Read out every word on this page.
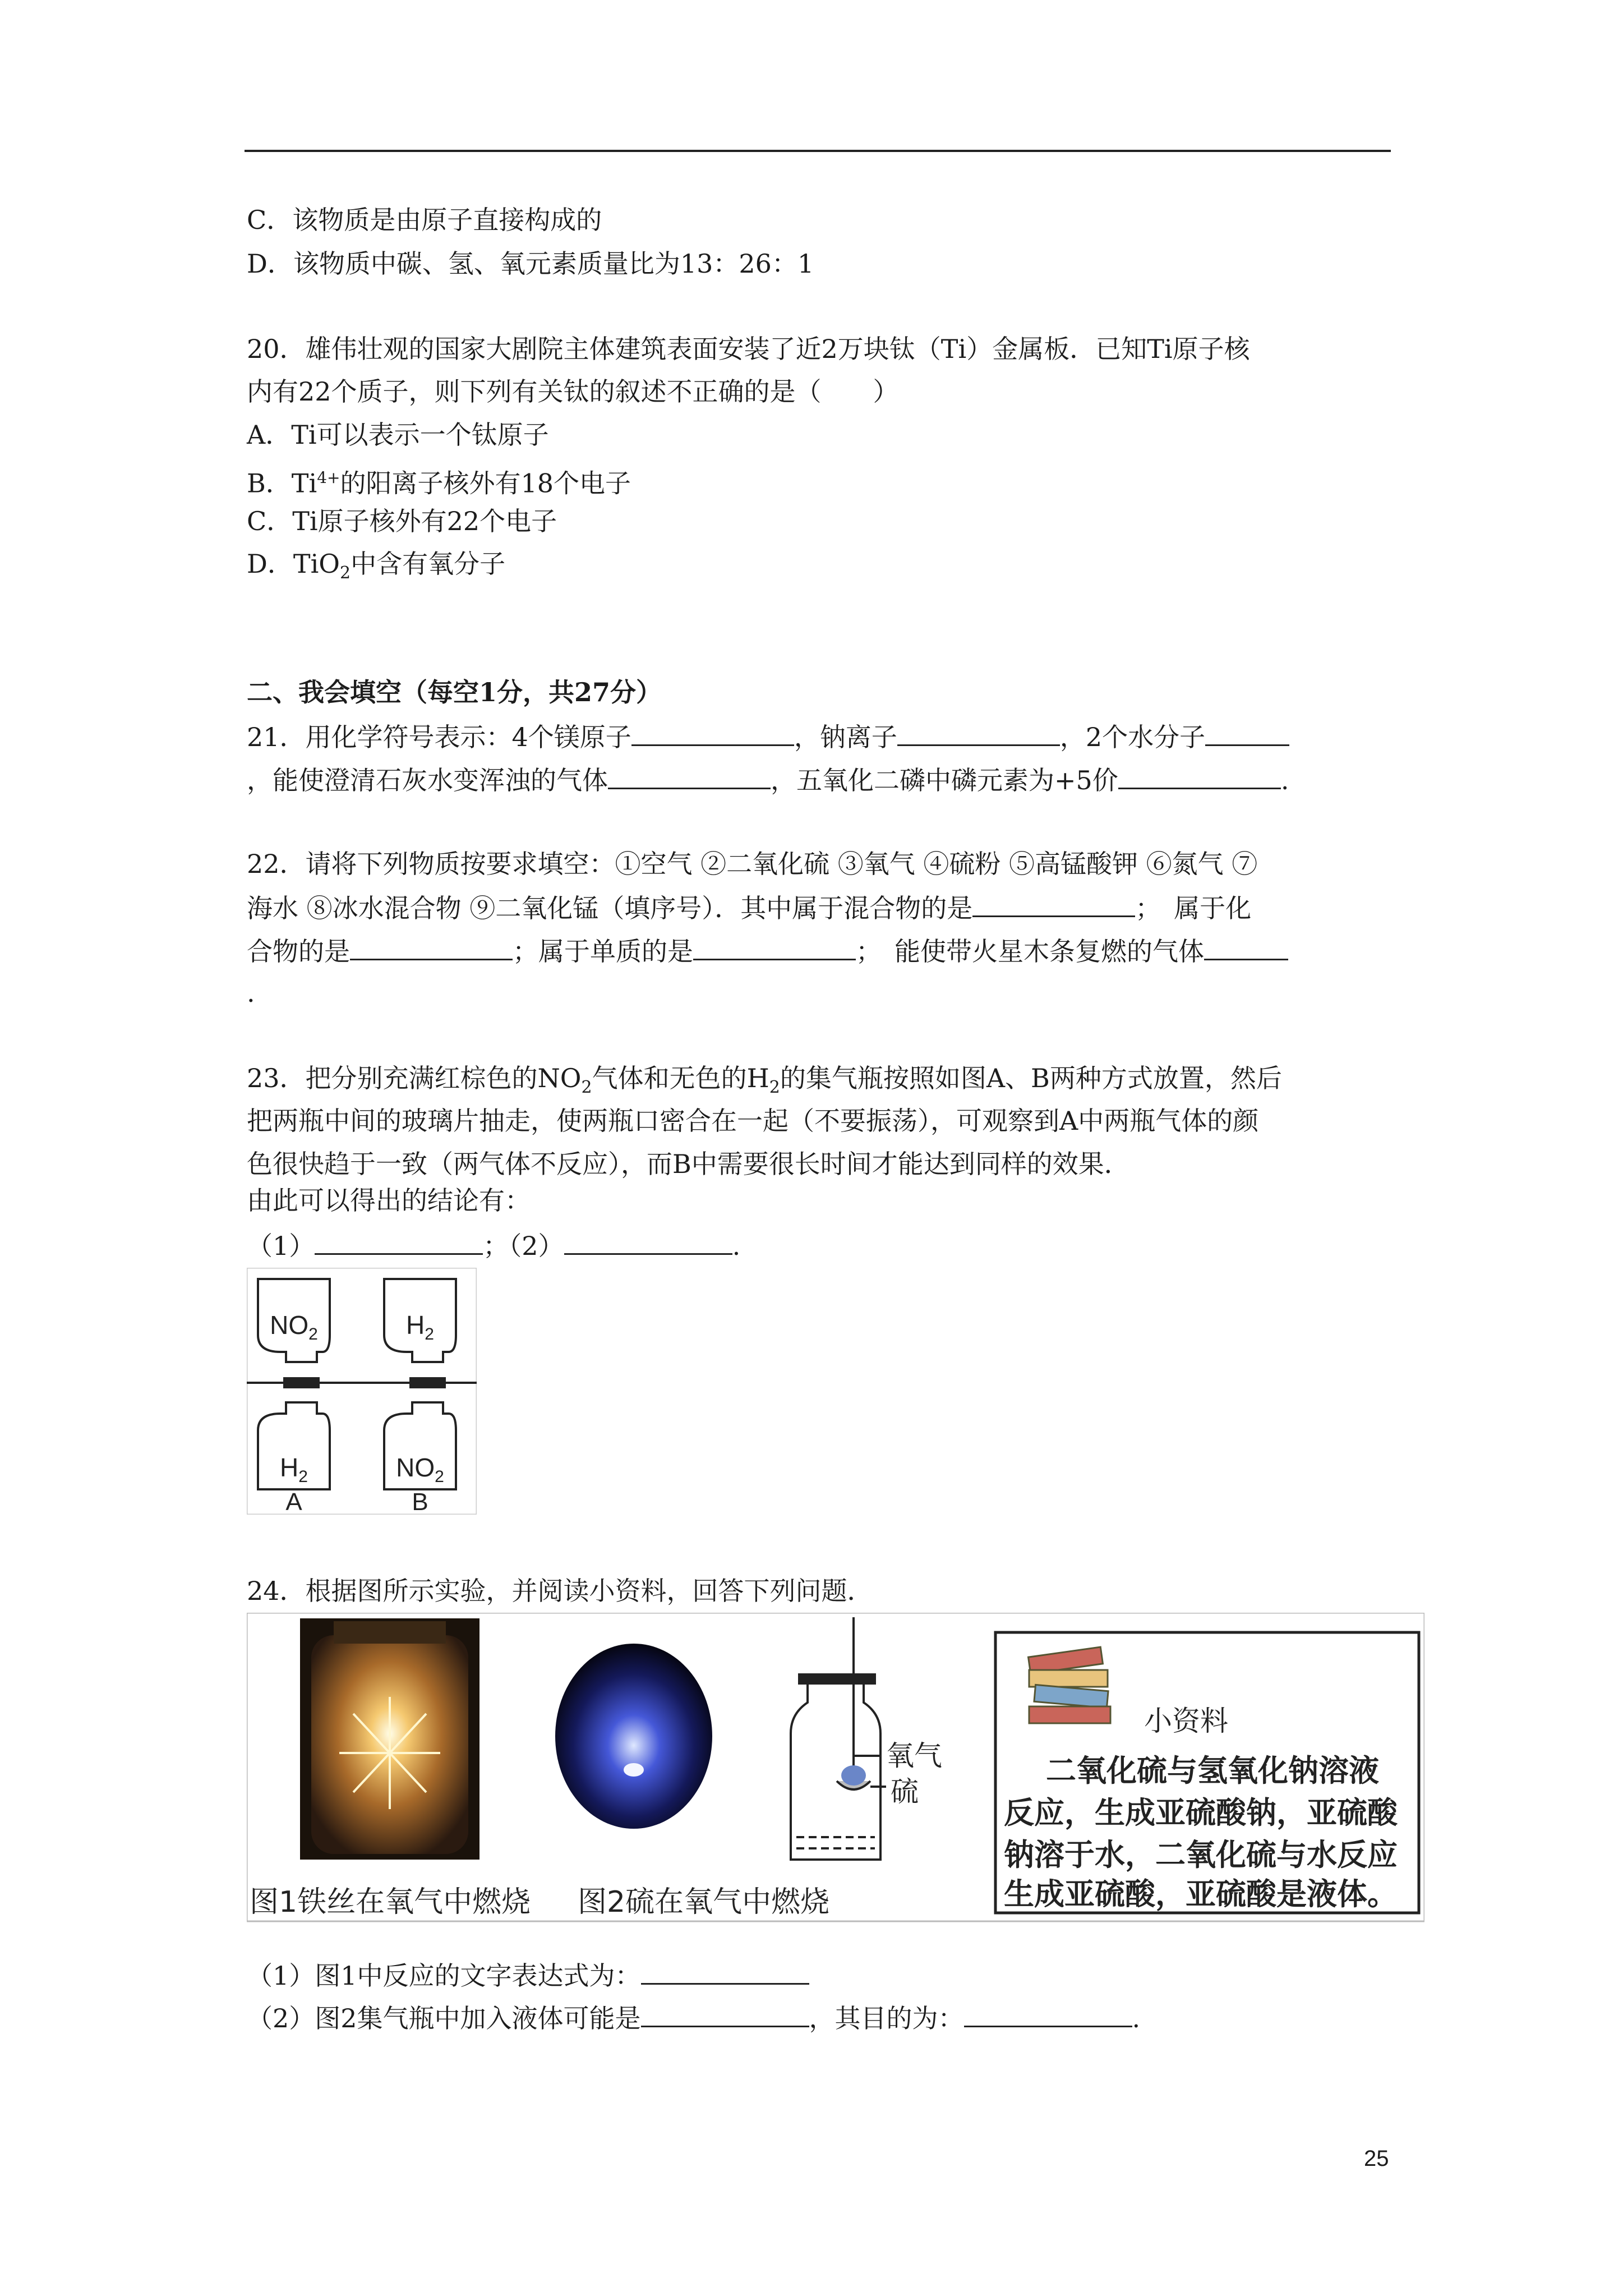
C．该物质是由原子直接构成的
D．该物质中碳、氢、氧元素质量比为13：26：1
20．雄伟壮观的国家大剧院主体建筑表面安装了近2万块钛（Ti）金属板．已知Ti原子核
内有22个质子，则下列有关钛的叙述不正确的是（　　）
A．Ti可以表示一个钛原子
B．$Ti^{4+}$的阳离子核外有18个电子
C．Ti原子核外有22个电子
D．TiO$_2$中含有氧分子
二、我会填空（每空1分，共27分）
21．用化学符号表示：4个镁原子	，钠离子	，2个水分子
，能使澄清石灰水变浑浊的气体	，五氧化二磷中磷元素为+5价	.
22．请将下列物质按要求填空：①空气 ②二氧化硫 ③氧气 ④硫粉 ⑤高锰酸钾 ⑥氮气 ⑦
海水 ⑧冰水混合物 ⑨二氧化锰（填序号）．其中属于混合物的是	；　属于化
合物的是	；属于单质的是	；　能使带火星木条复燃的气体
.
23．把分别充满红棕色的$NO_2$气体和无色的$H_2$的集气瓶按照如图A、B两种方式放置，然后
把两瓶中间的玻璃片抽走，使两瓶口密合在一起（不要振荡），可观察到A中两瓶气体的颜
色很快趋于一致（两气体不反应），而B中需要很长时间才能达到同样的效果．
由此可以得出的结论有：
（1）	；（2）	.
$NO_2$
$H_2$
$H_2$
$NO_2$
A	B
24．根据图所示实验，并阅读小资料，回答下列问题．
氧气
硫
小资料
二氧化硫与氢氧化钠溶液
反应，生成亚硫酸钠，亚硫酸
钠溶于水，二氧化硫与水反应
生成亚硫酸，亚硫酸是液体。
图1铁丝在氧气中燃烧 图2硫在氧气中燃烧
（1）图1中反应的文字表达式为：
（2）图2集气瓶中加入液体可能是	，其目的为：	.
25
